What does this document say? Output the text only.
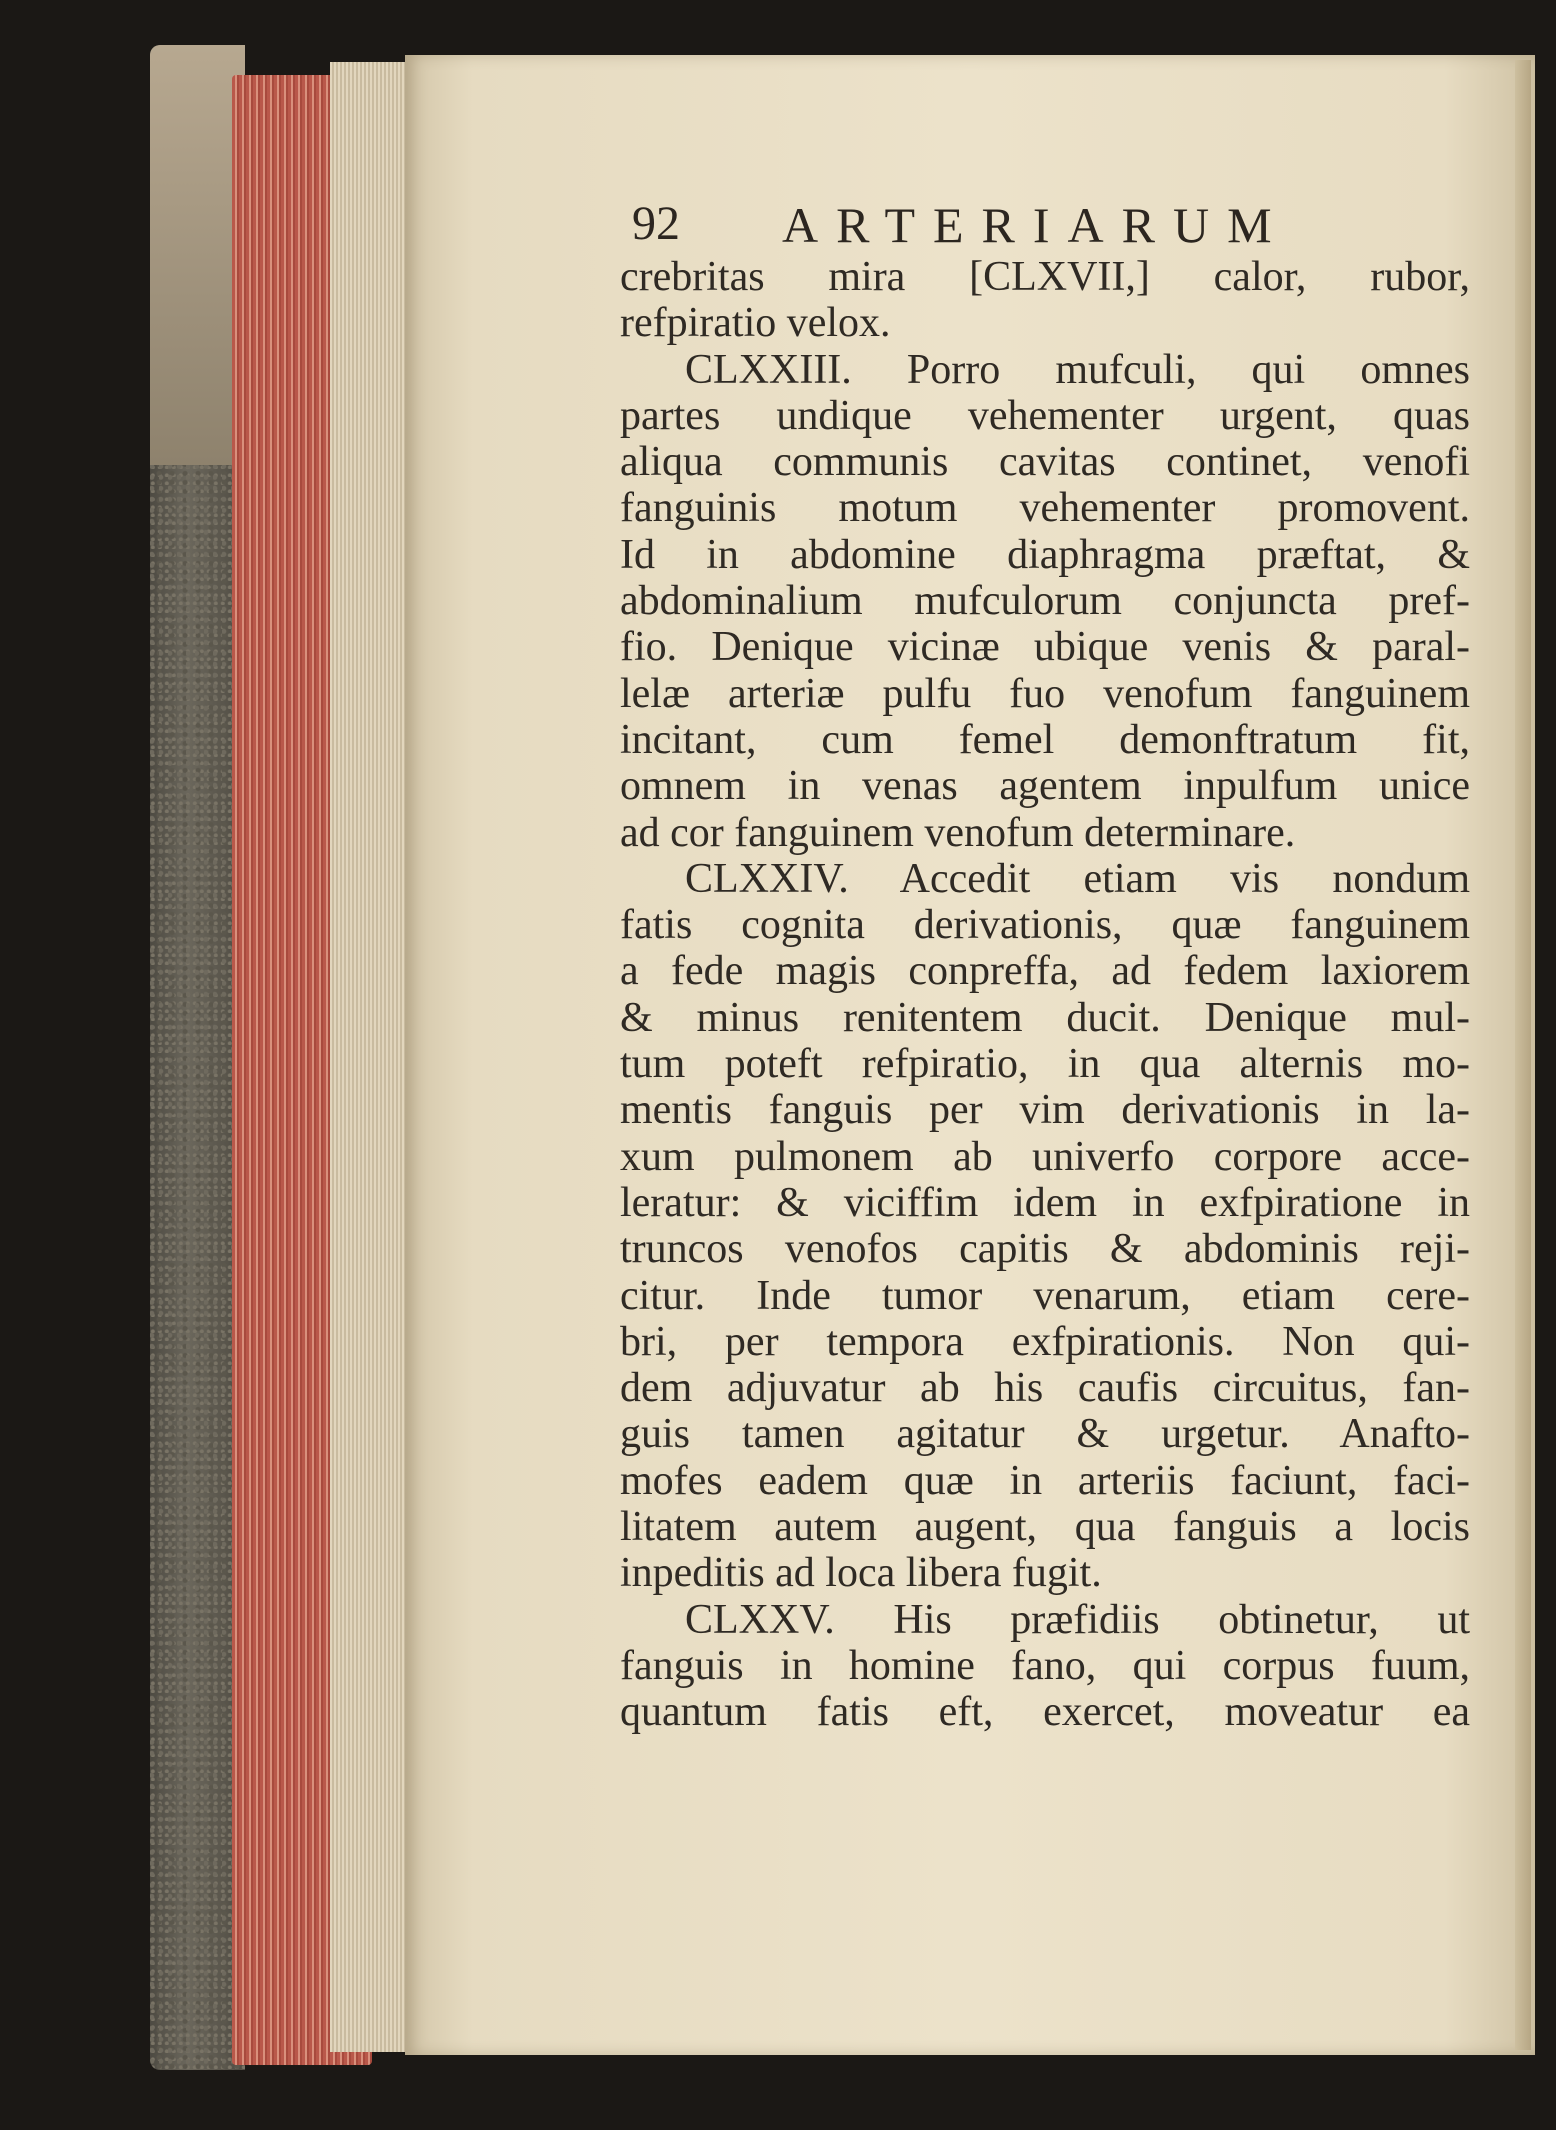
92 ARTERIARUM
crebritas mira [CLXVII,] calor, rubor,
refpiratio velox.
CLXXIII. Porro mufculi, qui omnes
partes undique vehementer urgent, quas
aliqua communis cavitas continet, venofi
fanguinis motum vehementer promovent.
Id in abdomine diaphragma præftat, &
abdominalium mufculorum conjuncta pref-
fio. Denique vicinæ ubique venis & paral-
lelæ arteriæ pulfu fuo venofum fanguinem
incitant, cum femel demonftratum fit,
omnem in venas agentem inpulfum unice
ad cor fanguinem venofum determinare.
CLXXIV. Accedit etiam vis nondum
fatis cognita derivationis, quæ fanguinem
a fede magis conpreffa, ad fedem laxiorem
& minus renitentem ducit. Denique mul-
tum poteft refpiratio, in qua alternis mo-
mentis fanguis per vim derivationis in la-
xum pulmonem ab univerfo corpore acce-
leratur: & viciffim idem in exfpiratione in
truncos venofos capitis & abdominis reji-
citur. Inde tumor venarum, etiam cere-
bri, per tempora exfpirationis. Non qui-
dem adjuvatur ab his caufis circuitus, fan-
guis tamen agitatur & urgetur. Anafto-
mofes eadem quæ in arteriis faciunt, faci-
litatem autem augent, qua fanguis a locis
inpeditis ad loca libera fugit.
CLXXV. His præfidiis obtinetur, ut
fanguis in homine fano, qui corpus fuum,
quantum fatis eft, exercet, moveatur ea
